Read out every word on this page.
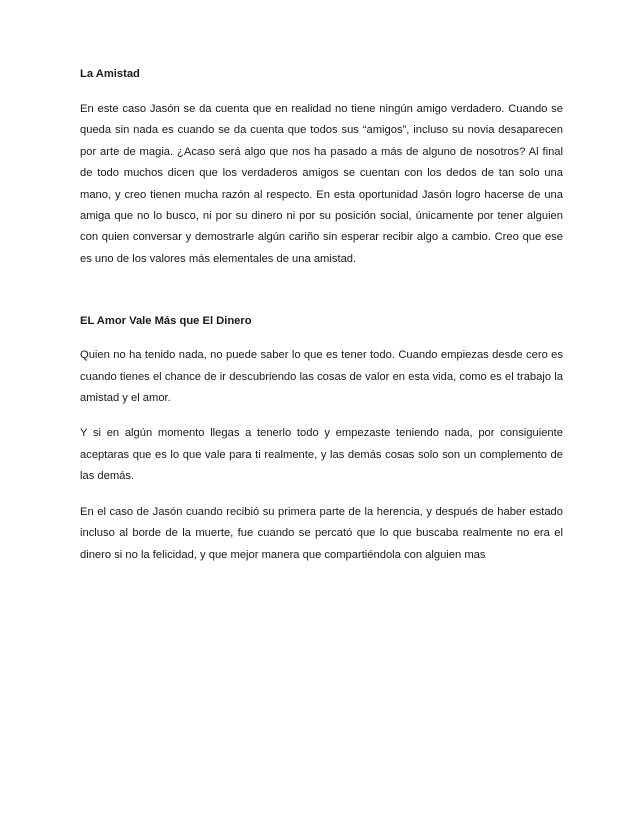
La Amistad

En este caso Jasón se da cuenta que en realidad no tiene ningún amigo verdadero. Cuando se queda sin nada es cuando se da cuenta que todos sus “amigos”, incluso su novia desaparecen por arte de magia. ¿Acaso será algo que nos ha pasado a más de alguno de nosotros? Al final de todo muchos dicen que los verdaderos amigos se cuentan con los dedos de tan solo una mano, y creo tienen mucha razón al respecto. En esta oportunidad Jasón logro hacerse de una amiga que no lo busco, ni por su dinero ni por su posición social, únicamente por tener alguien con quien conversar y demostrarle algún cariño sin esperar recibir algo a cambio. Creo que ese es uno de los valores más elementales de una amistad.

EL Amor Vale Más que El Dinero

Quien no ha tenido nada, no puede saber lo que es tener todo. Cuando empiezas desde cero es cuando tienes el chance de ir descubriendo las cosas de valor en esta vida, como es el trabajo la amistad y el amor.

Y si en algún momento llegas a tenerlo todo y empezaste teniendo nada, por consiguiente aceptaras que es lo que vale para ti realmente, y las demás cosas solo son un complemento de las demás.

En el caso de Jasón cuando recibió su primera parte de la herencia, y después de haber estado incluso al borde de la muerte, fue cuando se percató que lo que buscaba realmente no era el dinero si no la felicidad, y que mejor manera que compartiéndola con alguien mas
